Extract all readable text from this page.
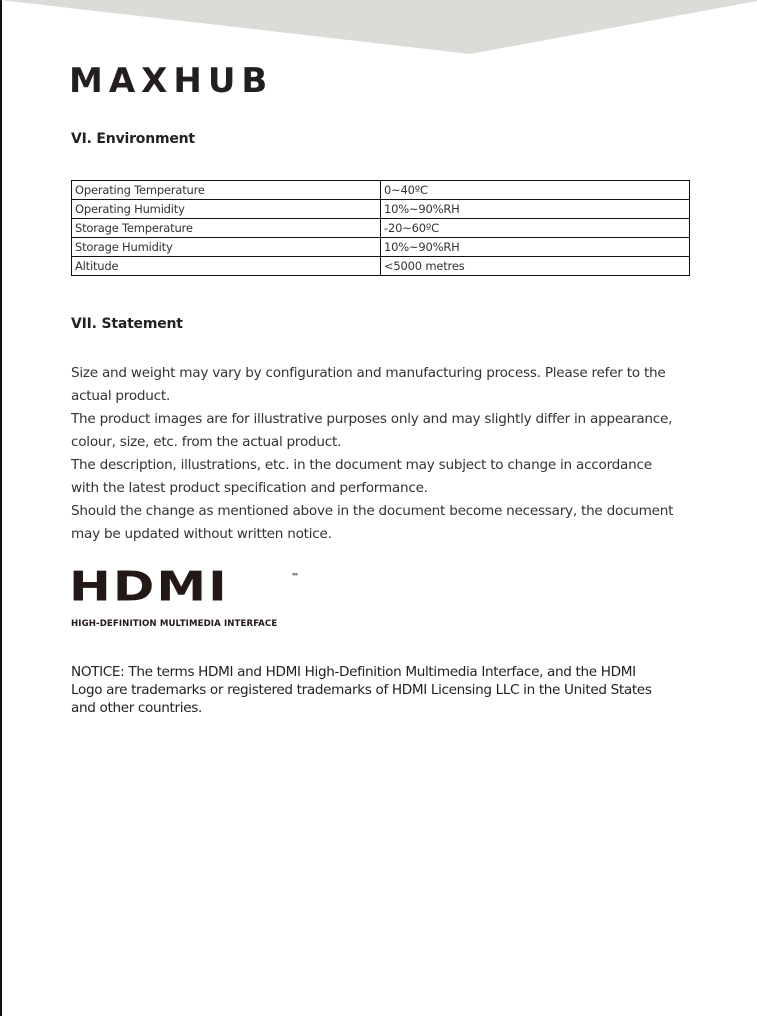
MAXHUB
VI. Environment
Operating Temperature	0~40ºC
Operating Humidity	10%~90%RH
Storage Temperature	-20~60ºC
Storage Humidity	10%~90%RH
Altitude	<5000 metres
VII. Statement
Size and weight may vary by configuration and manufacturing process. Please refer to the
actual product.
The product images are for illustrative purposes only and may slightly differ in appearance,
colour, size, etc. from the actual product.
The description, illustrations, etc. in the document may subject to change in accordance
with the latest product specification and performance.
Should the change as mentioned above in the document become necessary, the document
may be updated without written notice.
HDMI	™
HIGH-DEFINITION MULTIMEDIA INTERFACE
NOTICE: The terms HDMI and HDMI High-Definition Multimedia Interface, and the HDMI
Logo are trademarks or registered trademarks of HDMI Licensing LLC in the United States
and other countries.
